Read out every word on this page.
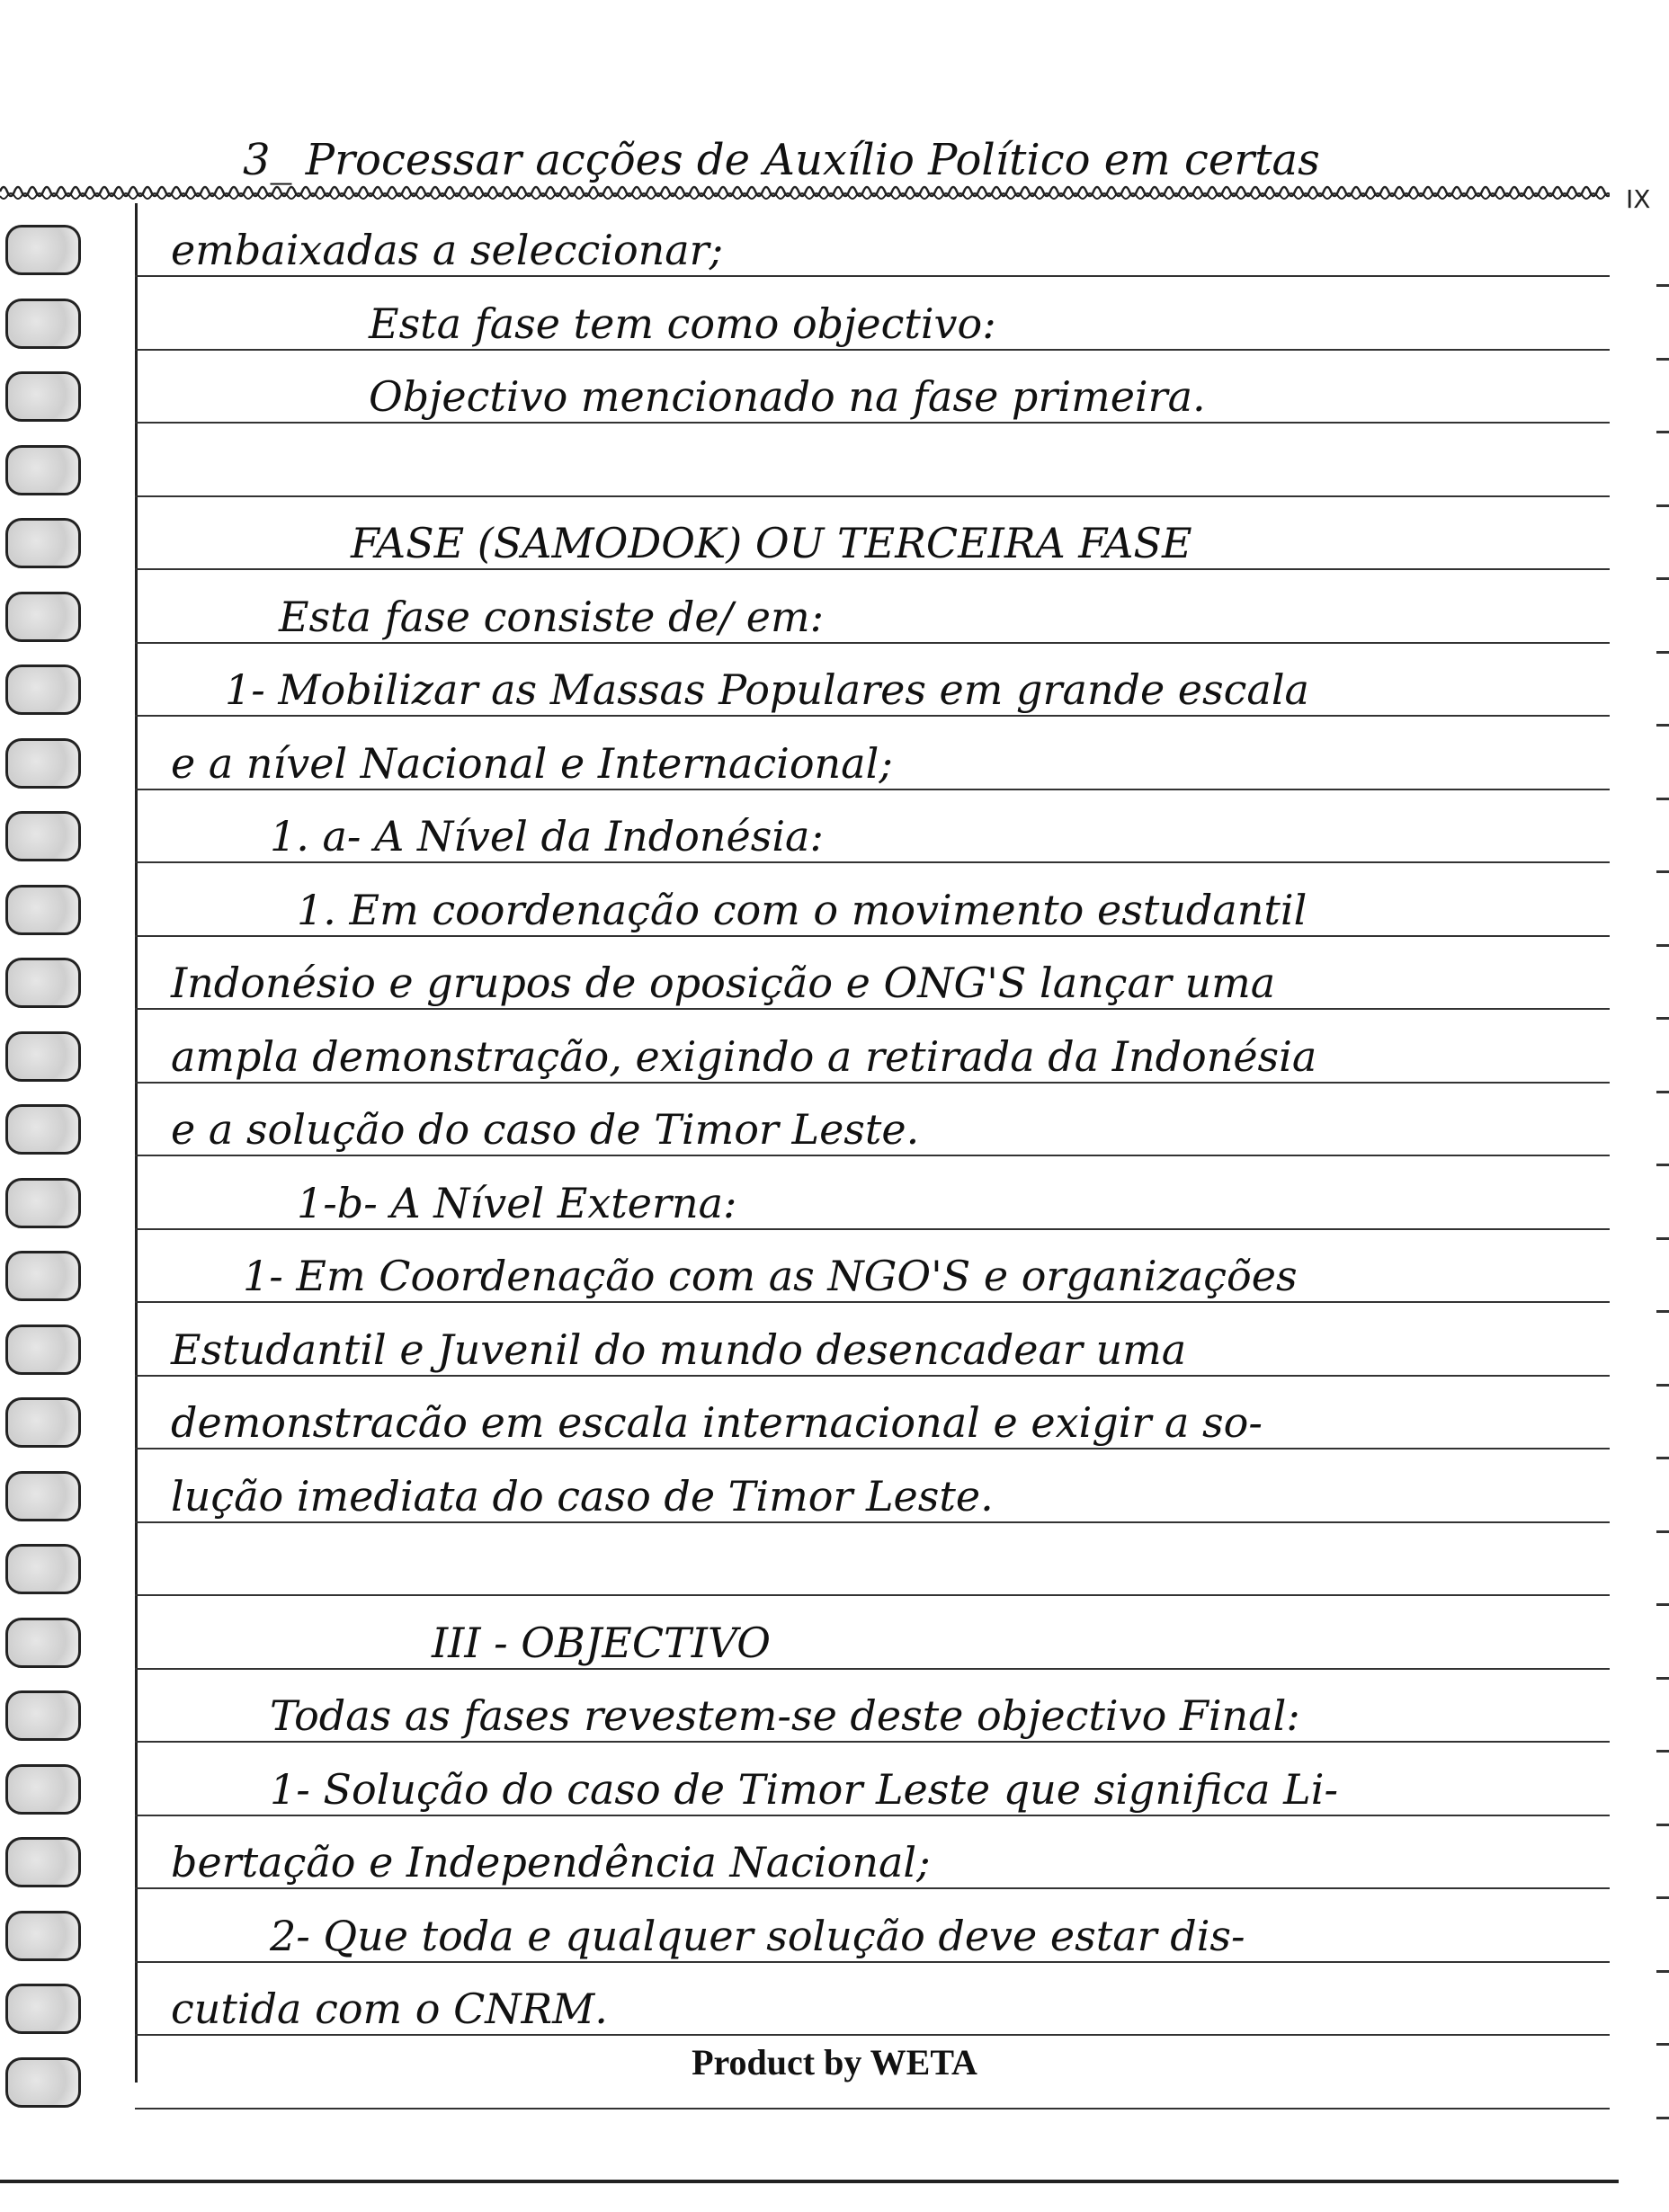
3_ Processar acções de Auxílio Político em certas
embaixadas a seleccionar;
Esta fase tem como objectivo:
Objectivo mencionado na fase primeira.
FASE (SAMODOK) OU TERCEIRA FASE
Esta fase consiste de/ em:
1- Mobilizar as Massas Populares em grande escala
e a nível Nacional e Internacional;
1. a- A Nível da Indonésia:
1. Em coordenação com o movimento estudantil
Indonésio e grupos de oposição e ONG'S lançar uma
ampla demonstração, exigindo a retirada da Indonésia
e a solução do caso de Timor Leste.
1-b- A Nível Externa:
1- Em Coordenação com as NGO'S e organizações
Estudantil e Juvenil do mundo desencadear uma
demonstracão em escala internacional e exigir a so-
lução imediata do caso de Timor Leste.
III - OBJECTIVO
Todas as fases revestem-se deste objectivo Final:
1- Solução do caso de Timor Leste que significa Li-
bertação e Independência Nacional;
2- Que toda e qualquer solução deve estar dis-
cutida com o CNRM.
IX
Product by WETA
